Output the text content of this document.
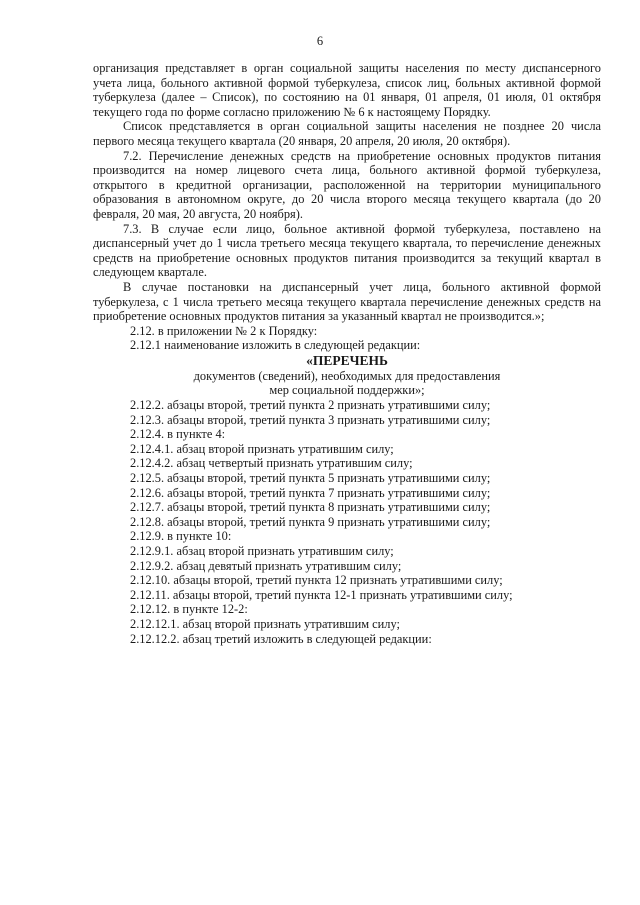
6

организация представляет в орган социальной защиты населения по месту диспансерного учета лица, больного активной формой туберкулеза, список лиц, больных активной формой туберкулеза (далее – Список), по состоянию на 01 января, 01 апреля, 01 июля, 01 октября текущего года по форме согласно приложению № 6 к настоящему Порядку.

Список представляется в орган социальной защиты населения не позднее 20 числа первого месяца текущего квартала (20 января, 20 апреля, 20 июля, 20 октября).

7.2. Перечисление денежных средств на приобретение основных продуктов питания производится на номер лицевого счета лица, больного активной формой туберкулеза, открытого в кредитной организации, расположенной на территории муниципального образования в автономном округе, до 20 числа второго месяца текущего квартала (до 20 февраля, 20 мая, 20 августа, 20 ноября).

7.3. В случае если лицо, больное активной формой туберкулеза, поставлено на диспансерный учет до 1 числа третьего месяца текущего квартала, то перечисление денежных средств на приобретение основных продуктов питания производится за текущий квартал в следующем квартале.

В случае постановки на диспансерный учет лица, больного активной формой туберкулеза, с 1 числа третьего месяца текущего квартала перечисление денежных средств на приобретение основных продуктов питания за указанный квартал не производится.»;

2.12. в приложении № 2 к Порядку:

2.12.1 наименование изложить в следующей редакции:

«ПЕРЕЧЕНЬ

документов (сведений), необходимых для предоставления

мер социальной поддержки»;

2.12.2. абзацы второй, третий пункта 2 признать утратившими силу;

2.12.3. абзацы второй, третий пункта 3 признать утратившими силу;

2.12.4. в пункте 4:

2.12.4.1. абзац второй признать утратившим силу;

2.12.4.2. абзац четвертый признать утратившим силу;

2.12.5. абзацы второй, третий пункта 5 признать утратившими силу;

2.12.6. абзацы второй, третий пункта 7 признать утратившими силу;

2.12.7. абзацы второй, третий пункта 8 признать утратившими силу;

2.12.8. абзацы второй, третий пункта 9 признать утратившими силу;

2.12.9. в пункте 10:

2.12.9.1. абзац второй признать утратившим силу;

2.12.9.2. абзац девятый признать утратившим силу;

2.12.10. абзацы второй, третий пункта 12 признать утратившими силу;

2.12.11. абзацы второй, третий пункта 12-1 признать утратившими силу;

2.12.12. в пункте 12-2:

2.12.12.1. абзац второй признать утратившим силу;

2.12.12.2. абзац третий изложить в следующей редакции:
